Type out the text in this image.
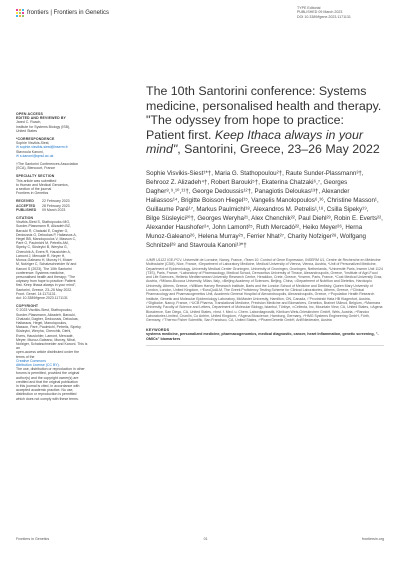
frontiers | Frontiers in Genetics
TYPE Editorial
PUBLISHED 09 March 2023
DOI 10.3389/fgene.2023.1171131
OPEN ACCESS
EDITED AND REVIEWED BY
Jared C. Roach,
Institute for Systems Biology (ISB),
United States
*CORRESPONDENCE
Sophie Visvikis-Siest,
✉ sophie.visvikis-siest@inserm.fr
Stavroula Kanoni,
✉ s.kanoni@qmul.ac.uk
†The Santorini Conferences Association
(SCA), Biencourt, France
SPECIALTY SECTION
This article was submitted
to Human and Medical Genomics,
a section of the journal
Frontiers in Genetics
RECEIVED	22 February 2023
ACCEPTED	28 February 2023
PUBLISHED	09 March 2023
CITATION
Visvikis-Siest S, Stathopoulou MG,
Sunder-Plassmann R, Alizadeh BZ,
Barouki R, Chatzaki E, Dagher G,
Dedoussis G, Deloukas P, Haliassos A,
Hegel BB, Manolopoulos V, Masson C,
Paré G, Paulmichl M, Petrelis AM,
Sipeky C, Süsleyici B, Weryha G,
Chenchik A, Evers R, Hauslohler A,
Lamont J, Mercadé R, Neyer H,
Munoz-Galeano H, Murray H, Moser
M, Nofziger C, Schatzschneider W and
Kanoni S (2023), The 10th Santorini
conference: Systems medicine,
personalised health and therapy: "The
odyssey from hope to practice: Patient
first. Keep Ithaca always in your mind",
Santorini, Greece, 23–26 May 2022.
Front. Genet. 14:1171131.
doi: 10.3389/fgene.2023.1171131
COPYRIGHT
© 2023 Visvikis-Siest, Stathopoulou,
Sunder-Plassmann, Alizadeh, Barouki,
Chatzaki, Dagher, Dedoussis, Deloukas,
Haliassos, Hegel, Manolopoulos,
Masson, Paré, Paulmichl, Petrelis, Sipeky,
Süsleyici, Weryha, Chenchik, Diehl,
Evers, Hauslohler, Lamont, Mercadé,
Meyer, Munoz-Galeano, Murray, Nihal,
Nofziger, Schatzschneider and Kanoni. This is an
open-access article distributed under the
terms of the
Creative Commons
Attribution License (CC BY).
The use, distribution or reproduction in other
forums is permitted, provided the original
author(s) and the copyright owner(s) are
credited and that the original publication
in this journal is cited, in accordance with
accepted academic practice. No use,
distribution or reproduction is permitted
which does not comply with these terms.
The 10th Santorini conference: Systems medicine, personalised health and therapy. "The odyssey from hope to practice: Patient first. Keep Ithaca always in your mind", Santorini, Greece, 23–26 May 2022
Sophie Visvikis-Siest¹*†, Maria G. Stathopoulou²†, Raute Sunder-Plassmann³†, Behrooz Z. Alizadeh⁴†, Robert Barouki⁵†, Ekaterina Chatzaki⁶,⁷, Georges Dagher⁸,⁹,¹⁰,¹¹†, George Dedoussis¹²†, Panagiotis Deloukas¹³†, Alexander Haliassos¹⁴, Brigitte Boisson Hiegel¹⁵, Vangelis Manolopoulos⁶,¹⁶, Christine Masson¹, Guillaume Paré¹⁷, Markus Paulmichl¹⁸, Alexandros M. Petrelis¹,¹⁸, Csilla Sipeky¹⁹, Bilge Süsleyici²⁰†, Georges Weryha²¹, Alex Chenchik²², Paul Diehl²³, Robin E. Everts²², Alexander Haushofer²⁴, John Lamont²⁵, Ruth Mercadó²², Heiko Meyer²⁶, Herna Munoz-Galeano²⁶, Helena Murray²⁵, Ferrier Nhat²⁷, Charity Nofziger²⁸, Wolfgang Schnitzel²⁸ and Stavroula Kanoni¹³*†
¹UMR U1122 IGE-PCV, Université de Lorraine, Nancy, France, ²Team 10: Control of Gene Expression, INSERM U1, Centre de Recherche en Médecine Moléculaire (C3M), Nice, France, ³Department of Laboratory Medicine, Medical University of Vienna, Vienna, Austria, ⁴Unit of Personalized Medicine, Department of Epidemiology, University Medical Center Groningen, University of Groningen, Groningen, Netherlands, ⁵Université Paris, Inserm Unit 1124 (T3S), Paris, France, ⁶Laboratory of Pharmacology, Medical School, Democritus University of Thrace, Alexandroupolis, Greece, ⁷Institute of Agri-Food and Life Sciences, Hellenic Mediterranean University Research Centre, Heraklion, Crete, Greece, ⁸Inserm, Paris, France, ⁹Cost Medical University Graz, Austria, ¹⁰Milano-Bicocca University, Milan, Italy, ¹¹Beijing Academy of Sciences, Beijing, China, ¹²Department of Nutrition and Dietetics, Harokopio University, Athens, Greece, ¹³William Harvey Research Institute, Barts and the London School of Medicine and Dentistry, Queen Mary University of London, London, United Kingdom, ¹⁴EuroQuALM, The Greek Proficiency Testing Scheme for Clinical Laboratories, Athens, Greece, ¹⁵Clinical Pharmacology and Pharmacogenetics Unit, Academic General Hospital of Alexandroupolis, Alexandroupolis, Greece, ¹⁶Population Health Research Institute, Genetic and Molecular Epidemiology Laboratory, McMaster University, Hamilton, ON, Canada, ¹⁷Prvotnirski Hata HB Klagenfurt, Austria, ¹⁸Digilocke, Nancy, France, ¹⁹UCB Pharma, Translational Medicine, Precision Medicine and Biomarkers, Genetics, Brainet l'Alleud, Belgium, ²⁰Marmara University, Faculty of Science and Letters, Department of Molecular Biology, Istanbul, Türkiye, ²¹Cellecta, Inc, Mountain View, CA, United States, ²²Agena Bioscience, San Diego, CA, United States, ²³Inst. f. Med. u. Chem. Labordiagnostik, Klinikum Wels-Grieskirchen GmbH, Wels, Austria, ²⁴Randox Laboratories Limited, Crumlin, Co Antrim, United Kingdom, ²⁵Agena Bioscience, Hamburg, Germany, ²⁶HMG Systems Engineering GmbH, Fürth, Germany, ²⁷Thermo Fisher Scientific, San Francisco, CA, United States, ²⁸PharmGenetix GmbH, Anif/Niederalm, Austria
KEYWORDS
systems medicine, personalized medicine, pharmacogenomics, medical diagnostic, cancer, heart inflammation, genetic screening, "-OMICs" biomarkers
Frontiers in Genetics	01	frontiersin.org
